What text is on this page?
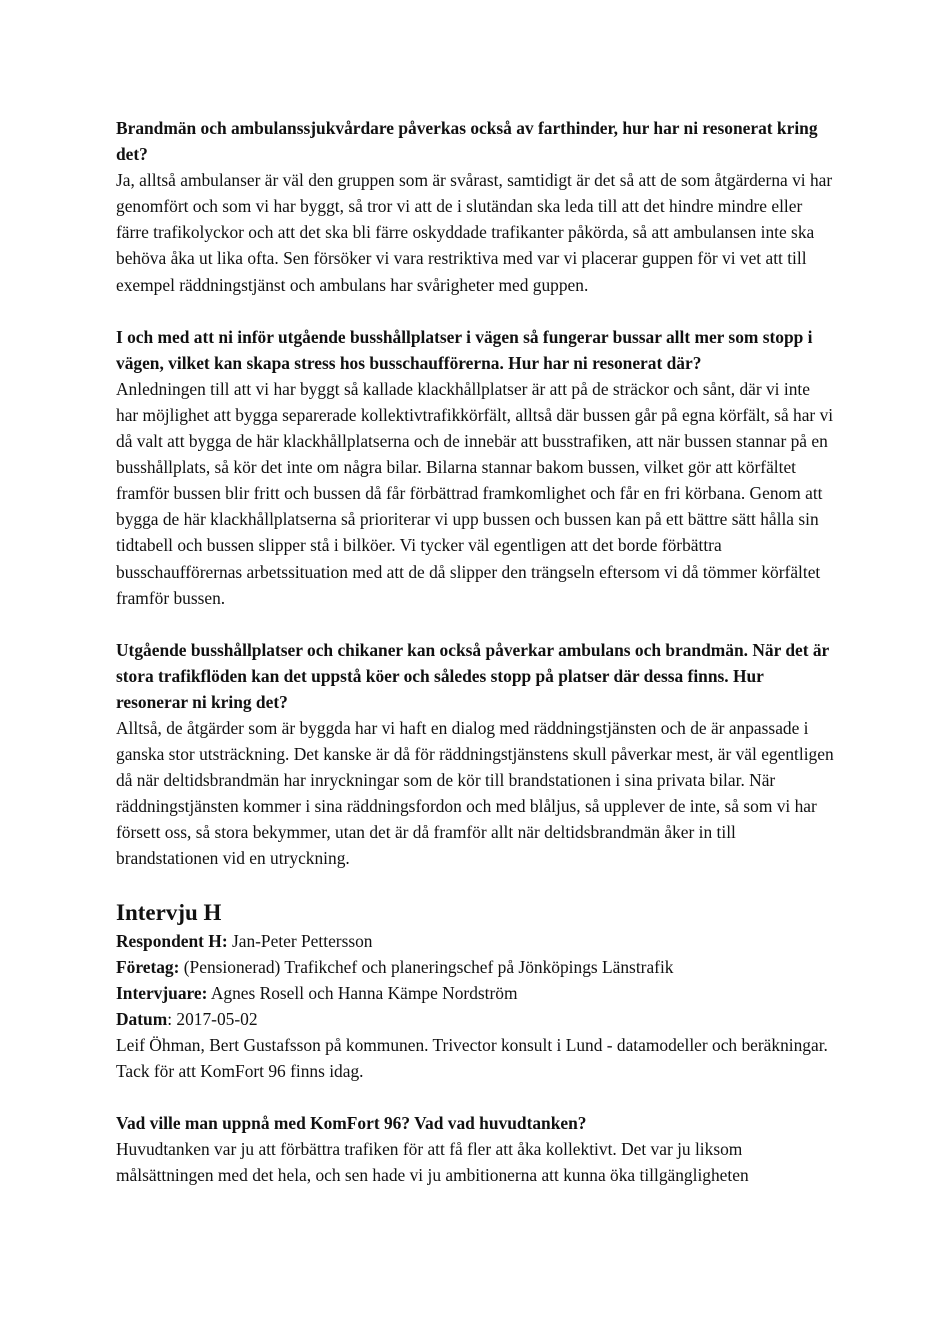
Brandmän och ambulanssjukvårdare påverkas också av farthinder, hur har ni resonerat kring det?
Ja, alltså ambulanser är väl den gruppen som är svårast, samtidigt är det så att de som åtgärderna vi har genomfört och som vi har byggt, så tror vi att de i slutändan ska leda till att det hindre mindre eller färre trafikolyckor och att det ska bli färre oskyddade trafikanter påkörda, så att ambulansen inte ska behöva åka ut lika ofta. Sen försöker vi vara restriktiva med var vi placerar guppen för vi vet att till exempel räddningstjänst och ambulans har svårigheter med guppen.
I och med att ni inför utgående busshållplatser i vägen så fungerar bussar allt mer som stopp i vägen, vilket kan skapa stress hos busschaufförerna. Hur har ni resonerat där?
Anledningen till att vi har byggt så kallade klackhållplatser är att på de sträckor och sånt, där vi inte har möjlighet att bygga separerade kollektivtrafikkörfält, alltså där bussen går på egna körfält, så har vi då valt att bygga de här klackhållplatserna och de innebär att busstrafiken, att när bussen stannar på en busshållplats, så kör det inte om några bilar. Bilarna stannar bakom bussen, vilket gör att körfältet framför bussen blir fritt och bussen då får förbättrad framkomlighet och får en fri körbana. Genom att bygga de här klackhållplatserna så prioriterar vi upp bussen och bussen kan på ett bättre sätt hålla sin tidtabell och bussen slipper stå i bilköer. Vi tycker väl egentligen att det borde förbättra busschaufförernas arbetssituation med att de då slipper den trängseln eftersom vi då tömmer körfältet framför bussen.
Utgående busshållplatser och chikaner kan också påverkar ambulans och brandmän. När det är stora trafikflöden kan det uppstå köer och således stopp på platser där dessa finns. Hur resonerar ni kring det?
Alltså, de åtgärder som är byggda har vi haft en dialog med räddningstjänsten och de är anpassade i ganska stor utsträckning. Det kanske är då för räddningstjänstens skull påverkar mest, är väl egentligen då när deltidsbrandmän har inryckningar som de kör till brandstationen i sina privata bilar. När räddningstjänsten kommer i sina räddningsfordon och med blåljus, så upplever de inte, så som vi har försett oss, så stora bekymmer, utan det är då framför allt när deltidsbrandmän åker in till brandstationen vid en utryckning.
Intervju H
Respondent H: Jan-Peter Pettersson
Företag: (Pensionerad) Trafikchef och planeringschef på Jönköpings Länstrafik
Intervjuare: Agnes Rosell och Hanna Kämpe Nordström
Datum: 2017-05-02
Leif Öhman, Bert Gustafsson på kommunen. Trivector konsult i Lund - datamodeller och beräkningar. Tack för att KomFort 96 finns idag.
Vad ville man uppnå med KomFort 96? Vad vad huvudtanken?
Huvudtanken var ju att förbättra trafiken för att få fler att åka kollektivt. Det var ju liksom målsättningen med det hela, och sen hade vi ju ambitionerna att kunna öka tillgängligheten
